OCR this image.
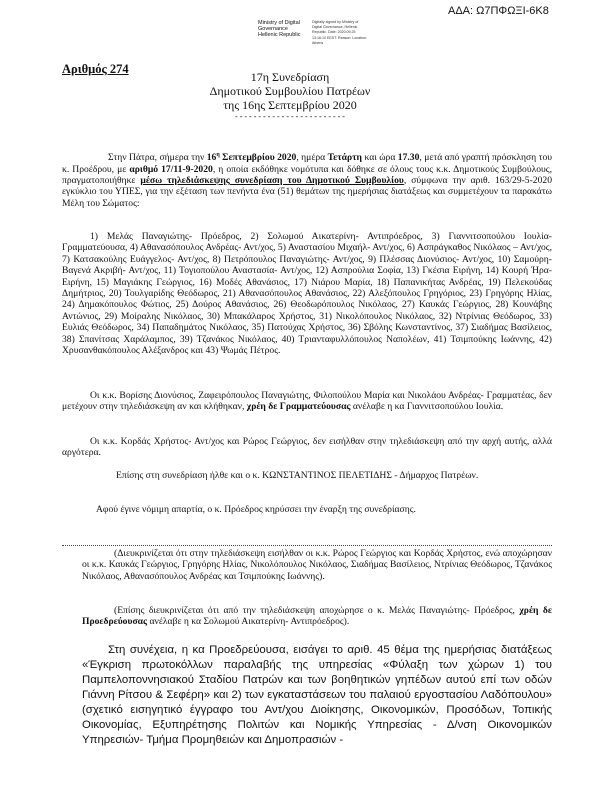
ΑΔΑ: Ω7ΠΦΩΞΙ-6Κ8
Ministry of Digital
Governance
Hellenic Republic
Digitally signed by Ministry of Digital Governance, Hellenic Republic. Date: 2020.09.25 13:16:10 EEST. Reason: Location: Athens
Αριθμός 274
17η Συνεδρίαση
Δημοτικού Συμβουλίου Πατρέων
της 16ης Σεπτεμβρίου 2020
- - - - - - - - - - - - - - - - - - - - - - - -
Στην Πάτρα, σήμερα την $16^\eta$ Σεπτεμβρίου 2020, ημέρα Τετάρτη και ώρα 17.30, μετά από γραπτή πρόσκληση του κ. Προέδρου, με αριθμό 17/11-9-2020, η οποία εκδόθηκε νομότυπα και δόθηκε σε όλους τους κ.κ. Δημοτικούς Συμβούλους, πραγματοποιήθηκε μέσω τηλεδιάσκεψης συνεδρίαση του Δημοτικού Συμβουλίου, σύμφωνα την αριθ. 163/29-5-2020 εγκύκλιο του ΥΠΕΣ, για την εξέταση των πενήντα ένα (51) θεμάτων της ημερήσιας διατάξεως και συμμετέχουν τα παρακάτω Μέλη του Σώματος:
1) Μελάς Παναγιώτης- Πρόεδρος, 2) Σολωμού Αικατερίνη- Αντιπρόεδρος, 3) Γιαννιτσοπούλου Ιουλία- Γραμματεύουσα, 4) Αθανασόπουλος Ανδρέας- Αντ/χος, 5) Αναστασίου Μιχαήλ- Αντ/χος, 6) Ασπράγκαθος Νικόλαος – Αντ/χος, 7) Κατσακούλης Ευάγγελος- Αντ/χος, 8) Πετρόπουλος Παναγιώτης- Αντ/χος, 9) Πλέσσας Διονύσιος- Αντ/χος, 10) Σαμούρη- Βαγενά Ακριβή- Αντ/χος, 11) Τογιοπούλου Αναστασία- Αντ/χος, 12) Ασπρούλια Σοφία, 13) Γκέσια Ειρήνη, 14) Κουρή Ήρα- Ειρήνη, 15) Μαγιάκης Γεώργιος, 16) Μοδές Αθανάσιος, 17) Νιάρου Μαρία, 18) Παπανικήτας Ανδρέας, 19) Πελεκούδας Δημήτριος, 20) Τουλγαρίδης Θεόδωρος, 21) Αθανασόπουλος Αθανάσιος, 22) Αλεξόπουλος Γρηγόριος, 23) Γρηγόρης Ηλίας, 24) Δημακόπουλος Φώτιος, 25) Δούρος Αθανάσιος, 26) Θεοδωρόπουλος Νικόλαος, 27) Καυκάς Γεώργιος, 28) Κουνάβης Αντώνιος, 29) Μοίραλης Νικόλαος, 30) Μπακάλαρος Χρήστος, 31) Νικολόπουλος Νικόλαος, 32) Ντρίνιας Θεόδωρος, 33) Ευλιάς Θεόδωρος, 34) Παπαδημάτος Νικόλαος, 35) Πατούχας Χρήστος, 36) Σβόλης Κωνσταντίνος, 37) Σιαδήμας Βασίλειος, 38) Σπανίτσας Χαράλαμπος, 39) Τζανάκος Νικόλαος, 40) Τριανταφυλλόπουλος Ναπολέων, 41) Τσιμπούκης Ιωάννης, 42) Χρυσανθακόπουλος Αλέξανδρος και 43) Ψωμάς Πέτρος.
Οι κ.κ. Βορίσης Διονύσιος, Ζαφειρόπουλος Παναγιώτης, Φιλοπούλου Μαρία και Νικολάου Ανδρέας- Γραμματέας, δεν μετέχουν στην τηλεδιάσκεψη αν και κλήθηκαν, χρέη δε Γραμματεύουσας ανέλαβε η κα Γιαννιτσοπούλου Ιουλία.
Οι κ.κ. Κορδάς Χρήστος- Αντ/χος και Ρώρος Γεώργιος, δεν εισήλθαν στην τηλεδιάσκεψη από την αρχή αυτής, αλλά αργότερα.
Επίσης στη συνεδρίαση ήλθε και ο κ. ΚΩΝΣΤΑΝΤΙΝΟΣ ΠΕΛΕΤΙΔΗΣ - Δήμαρχος Πατρέων.
Αφού έγινε νόμιμη απαρτία, ο κ. Πρόεδρος κηρύσσει την έναρξη της συνεδρίασης.
(Διευκρινίζεται ότι στην τηλεδιάσκεψη εισήλθαν οι κ.κ. Ρώρος Γεώργιος και Κορδάς Χρήστος, ενώ αποχώρησαν οι κ.κ. Καυκάς Γεώργιος, Γρηγόρης Ηλίας, Νικολόπουλος Νικόλαος, Σιαδήμας Βασίλειος, Ντρίνιας Θεόδωρος, Τζανάκος Νικόλαος, Αθανασόπουλος Ανδρέας και Τσιμπούκης Ιωάννης).
(Επίσης διευκρινίζεται ότι από την τηλεδιάσκεψη αποχώρησε ο κ. Μελάς Παναγιώτης- Πρόεδρος, χρέη δε Προεδρεύουσας ανέλαβε η κα Σολωμού Αικατερίνη- Αντιπρόεδρος).
Στη συνέχεια, η κα Προεδρεύουσα, εισάγει το αριθ. 45 θέμα της ημερήσιας διατάξεως «Έγκριση πρωτοκόλλων παραλαβής της υπηρεσίας «Φύλαξη των χώρων 1) του Παμπελοποννησιακού Σταδίου Πατρών και των βοηθητικών γηπέδων αυτού επί των οδών Γιάννη Ρίτσου & Σεφέρη» και 2) των εγκαταστάσεων του παλαιού εργοστασίου Λαδόπουλου» (σχετικό εισηγητικό έγγραφο του Αντ/χου Διοίκησης, Οικονομικών, Προσόδων, Τοπικής Οικονομίας, Εξυπηρέτησης Πολιτών και Νομικής Υπηρεσίας - Δ/νση Οικονομικών Υπηρεσιών- Τμήμα Προμηθειών και Δημοπρασιών -
